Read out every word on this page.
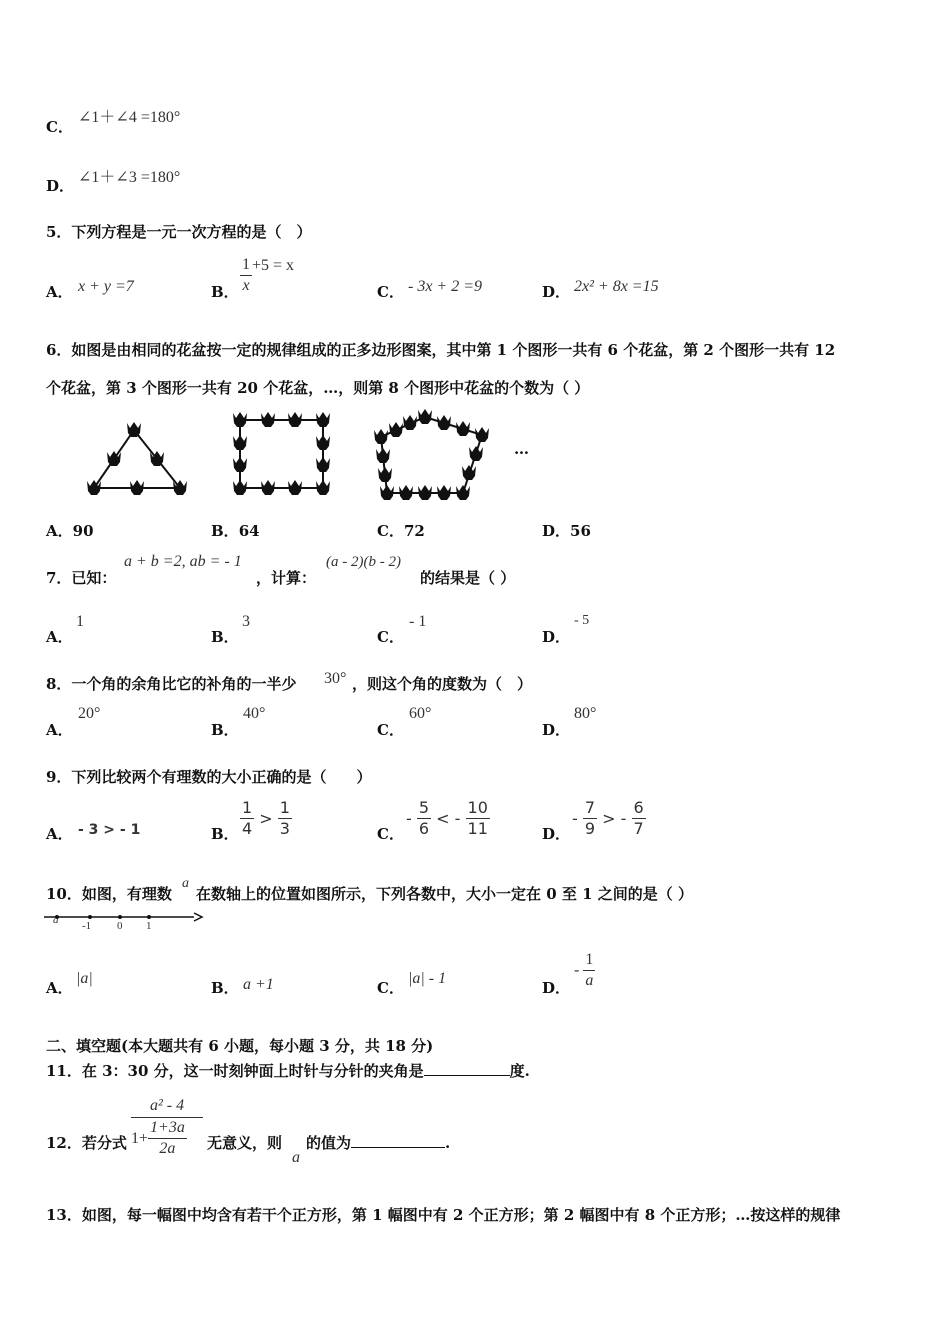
C．
∠1＋∠4 =180°
D． ∠1＋∠3 =180°
5．下列方程是一元一次方程的是（　）
A． x + y =7	B． $\frac{1}{x} +5 = x$
C． - 3x + 2 =9	D． 2x² + 8x =15
6．如图是由相同的花盆按一定的规律组成的正多边形图案，其中第 1 个图形一共有 6 个花盆，第 2 个图形一共有 12
个花盆，第 3 个图形一共有 20 个花盆，…，则第 8 个图形中花盆的个数为（ ）
…
A．90	B．64	C．72	D．56
7．已知：
a + b =2, ab = - 1
，计算：
(a - 2)(b - 2)
的结果是（ ）
A．
1
B．
3
C．
- 1
D．
- 5
8．一个角的余角比它的补角的一半少 30° ，则这个角的度数为（　）
A．
20°
B．
40°
C．
60°
D．
80°
9．下列比较两个有理数的大小正确的是（　　）
A． - 3 > - 1	B． $\frac{1}{4} > \frac{1}{3}$	C．
- $\frac{5}{6}$ < - $\frac{10}{11}$	D．
- $\frac{7}{9}$ > - $\frac{6}{7}$
10．如图，有理数
a
在数轴上的位置如图所示，下列各数中，大小一定在 0 至 1 之间的是（ ）
a -1 0 1
A．
|a|
B． a +1	C．
|a| - 1
D．
- $\frac{1}{a}$
二、填空题(本大题共有 6 小题，每小题 3 分，共 18 分)
11．在 3：30 分，这一时刻钟面上时针与分针的夹角是	度.
12．若分式
a² - 4
$1+ \frac{1+3a}{2a}$ 无意义，则
a
的值为	.
13．如图，每一幅图中均含有若干个正方形，第 1 幅图中有 2 个正方形；第 2 幅图中有 8 个正方形；…按这样的规律
